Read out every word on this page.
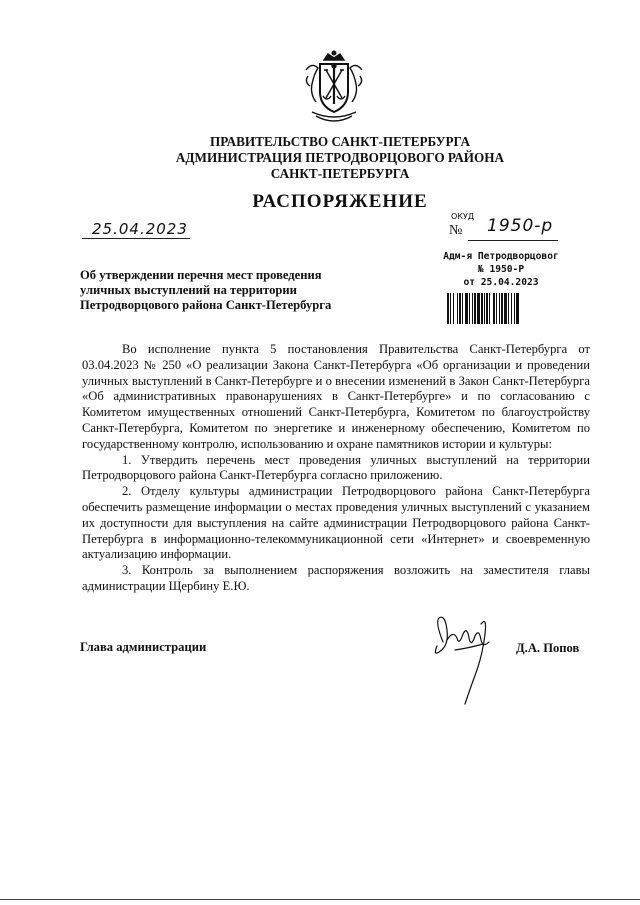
ПРАВИТЕЛЬСТВО САНКТ-ПЕТЕРБУРГА
АДМИНИСТРАЦИЯ ПЕТРОДВОРЦОВОГО РАЙОНА
САНКТ-ПЕТЕРБУРГА
РАСПОРЯЖЕНИЕ
25.04.2023
ОКУД
№ 1950-р
Об утверждении перечня мест проведения уличных выступлений на территории Петродворцового района Санкт-Петербурга
Адм-я Петродворцовог
№ 1950-Р
от 25.04.2023

Во исполнение пункта 5 постановления Правительства Санкт-Петербурга от 03.04.2023 № 250 «О реализации Закона Санкт-Петербурга «Об организации и проведении уличных выступлений в Санкт-Петербурге и о внесении изменений в Закон Санкт-Петербурга «Об административных правонарушениях в Санкт-Петербурге» и по согласованию с Комитетом имущественных отношений Санкт-Петербурга, Комитетом по благоустройству Санкт-Петербурга, Комитетом по энергетике и инженерному обеспечению, Комитетом по государственному контролю, использованию и охране памятников истории и культуры:

1. Утвердить перечень мест проведения уличных выступлений на территории Петродворцового района Санкт-Петербурга согласно приложению.

2. Отделу культуры администрации Петродворцового района Санкт-Петербурга обеспечить размещение информации о местах проведения уличных выступлений с указанием их доступности для выступления на сайте администрации Петродворцового района Санкт-Петербурга в информационно-телекоммуникационной сети «Интернет» и своевременную актуализацию информации.

3. Контроль за выполнением распоряжения возложить на заместителя главы администрации Щербину Е.Ю.

Глава администрации	Д.А. Попов
